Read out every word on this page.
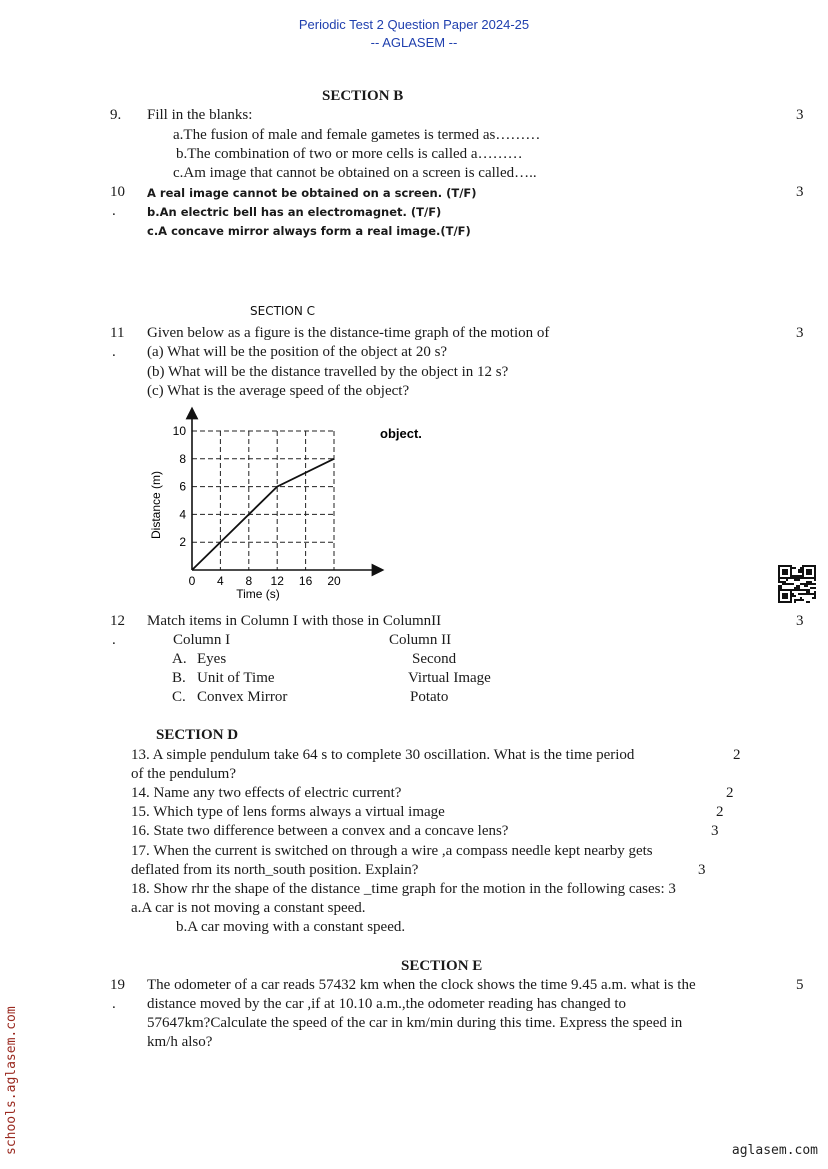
Periodic Test 2 Question Paper 2024-25
-- AGLASEM --
SECTION B
9. Fill in the blanks:	3
a.The fusion of male and female gametes is termed as………
b.The combination of two or more cells is called a………
c.Am image that cannot be obtained on a screen is called…..
10
.
3
A real image cannot be obtained on a screen. (T/F)
b.An electric bell has an electromagnet. (T/F)
c.A concave mirror always form a real image.(T/F)
SECTION C
11
.
Given below as a figure is the distance-time graph of the motion of	3
(a) What will be the position of the object at 20 s?
(b) What will be the distance travelled by the object in 12 s?
(c) What is the average speed of the object?
2
4
6
8
10
0 4 8 12 16 20
Distance (m)
Time (s)
object.
12
.
Match items in Column I with those in ColumnII	3
Column I	Column II
A. Eyes	Second
B. Unit of Time	Virtual Image
C. Convex Mirror	Potato
SECTION D
13. A simple pendulum take 64 s to complete 30 oscillation. What is the time period	2
of the pendulum?
14. Name any two effects of electric current?	2
15. Which type of lens forms always a virtual image	2
16. State two difference between a convex and a concave lens?	3
17. When the current is switched on through a wire ,a compass needle kept nearby gets
deflated from its north_south position. Explain?	3
18. Show rhr the shape of the distance _time graph for the motion in the following cases: 3
a.A car is not moving a constant speed.
b.A car moving with a constant speed.
SECTION E
19
.
5
The odometer of a car reads 57432 km when the clock shows the time 9.45 a.m. what is the
distance moved by the car ,if at 10.10 a.m.,the odometer reading has changed to
57647km?Calculate the speed of the car in km/min during this time. Express the speed in
km/h also?
schools.aglasem.com	aglasem.com
